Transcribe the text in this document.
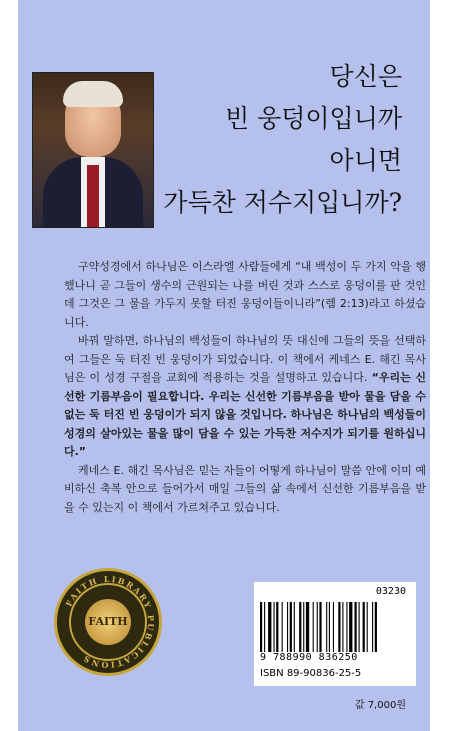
당신은
빈 웅덩이입니까
아니면
가득찬 저수지입니까?

구약성경에서 하나님은 이스라엘 사람들에게 “내 백성이 두 가지 악을 행했나니 곧 그들이 생수의 근원되는 나를 버린 것과 스스로 웅덩이를 판 것인데 그것은 그 물을 가두지 못할 터진 웅덩이들이니라”(렘 2:13)라고 하셨습니다.

바꿔 말하면, 하나님의 백성들이 하나님의 뜻 대신에 그들의 뜻을 선택하여 그들은 둑 터진 빈 웅덩이가 되었습니다. 이 책에서 케네스 E. 해긴 목사님은 이 성경 구절을 교회에 적용하는 것을 설명하고 있습니다. “우리는 신선한 기름부음이 필요합니다. 우리는 신선한 기름부음을 받아 물을 담을 수 없는 둑 터진 빈 웅덩이가 되지 않을 것입니다. 하나님은 하나님의 백성들이 성경의 살아있는 물을 많이 담을 수 있는 가득찬 저수지가 되기를 원하십니다.”

케네스 E. 해긴 목사님은 믿는 자들이 어떻게 하나님이 말씀 안에 이미 예비하신 축복 안으로 들어가서 매일 그들의 삶 속에서 신선한 기름부음을 받을 수 있는지 이 책에서 가르쳐주고 있습니다.

FAITH LIBRARY PUBLICATIONS
FAITH
03230
9 788990 836250
ISBN 89-90836-25-5
값 7,000원
